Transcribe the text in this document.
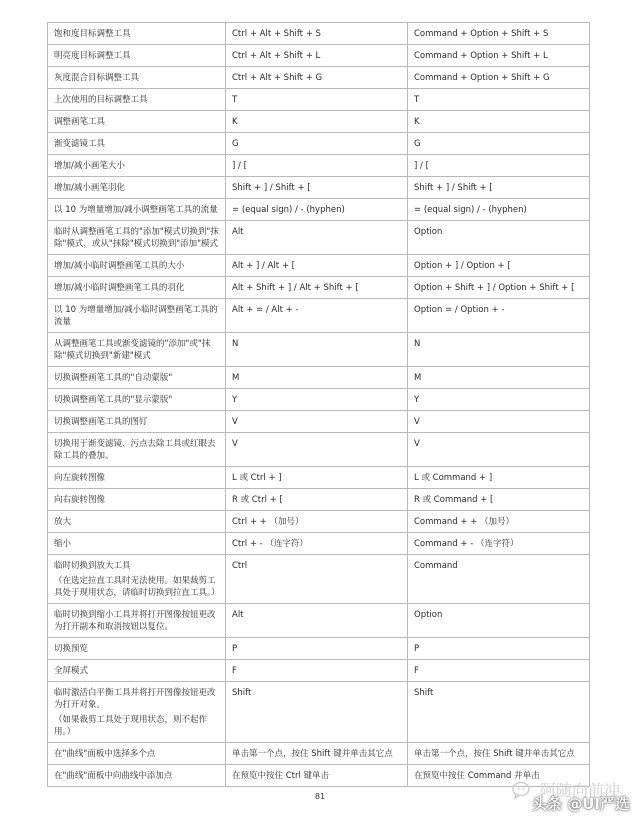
饱和度目标调整工具	Ctrl + Alt + Shift + S	Command + Option + Shift + S

明亮度目标调整工具	Ctrl + Alt + Shift + L	Command + Option + Shift + L

灰度混合目标调整工具	Ctrl + Alt + Shift + G	Command + Option + Shift + G

上次使用的目标调整工具	T	T

调整画笔工具	K	K

渐变滤镜工具	G	G

增加/减小画笔大小	] / [	] / [

增加/减小画笔羽化	Shift + ] / Shift + [	Shift + ] / Shift + [

以 10 为增量增加/减小调整画笔工具的流量	= (equal sign) / - (hyphen)	= (equal sign) / - (hyphen)

临时从调整画笔工具的"添加"模式切换到"抹除"模式，或从"抹除"模式切换到"添加"模式	Alt	Option

增加/减小临时调整画笔工具的大小	Alt + ] / Alt + [	Option + ] / Option + [

增加/减小临时调整画笔工具的羽化	Alt + Shift + ] / Alt + Shift + [	Option + Shift + ] / Option + Shift + [

以 10 为增量增加/减小临时调整画笔工具的流量	Alt + = / Alt + -	Option = / Option + -

从调整画笔工具或渐变滤镜的"添加"或"抹除"模式切换到"新建"模式	N	N

切换调整画笔工具的"自动蒙版"	M	M

切换调整画笔工具的"显示蒙版"	Y	Y

切换调整画笔工具的图钉	V	V

切换用于渐变滤镜、污点去除工具或红眼去除工具的叠加。	V	V

向左旋转图像	L 或 Ctrl + ]	L 或 Command + ]

向右旋转图像	R 或 Ctrl + [	R 或 Command + [

放大	Ctrl + + （加号）	Command + + （加号）

缩小	Ctrl + - （连字符）	Command + - （连字符）

临时切换到放大工具
（在选定拉直工具时无法使用。如果裁剪工具处于现用状态，请临时切换到拉直工具。）	Ctrl	Command

临时切换到缩小工具并将打开图像按钮更改为打开副本和取消按钮以复位。	Alt	Option

切换预览	P	P

全屏模式	F	F

临时激活白平衡工具并将打开图像按钮更改为打开对象。
（如果裁剪工具处于现用状态，则不起作用。）	Shift	Shift

在"曲线"面板中选择多个点	单击第一个点，按住 Shift 键并单击其它点	单击第一个点，按住 Shift 键并单击其它点

在"曲线"面板中向曲线中添加点	在预览中按住 Ctrl 键单击	在预览中按住 Command 并单击
81	阿随向前冲
头条 @UI严选
